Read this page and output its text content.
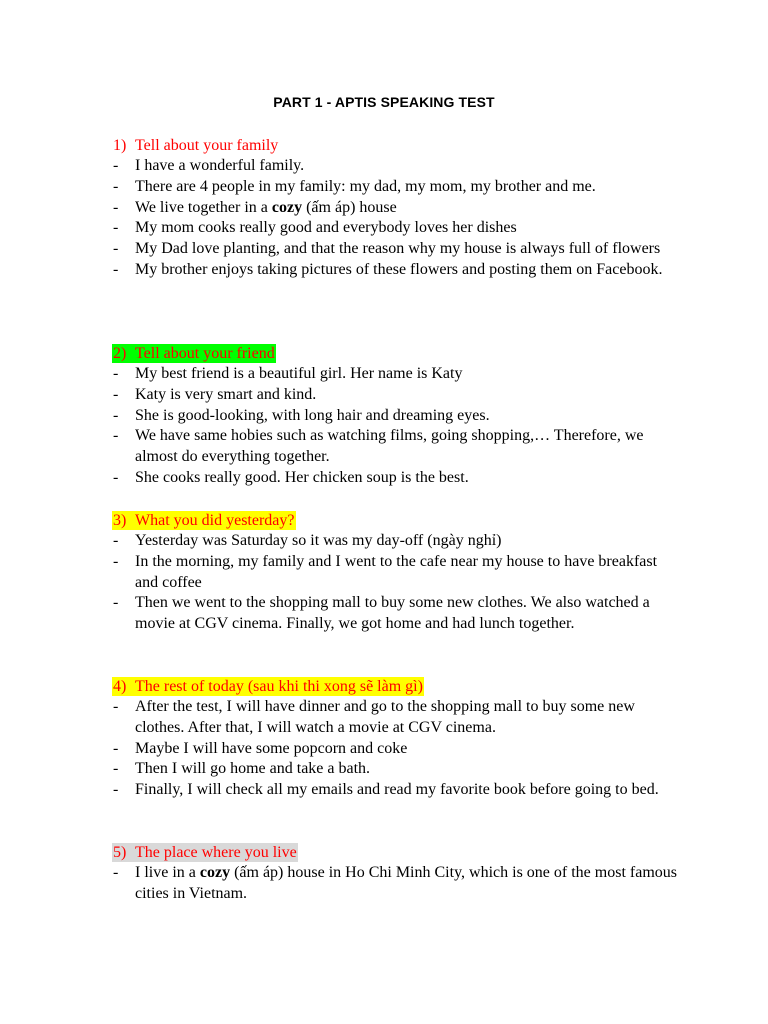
PART 1 - APTIS SPEAKING TEST
1) Tell about your family
- I have a wonderful family.
- There are 4 people in my family: my dad, my mom, my brother and me.
- We live together in a cozy (ấm áp) house
- My mom cooks really good and everybody loves her dishes
- My Dad love planting, and that the reason why my house is always full of flowers
- My brother enjoys taking pictures of these flowers and posting them on Facebook.
2) Tell about your friend
- My best friend is a beautiful girl. Her name is Katy
- Katy is very smart and kind.
- She is good-looking, with long hair and dreaming eyes.
- We have same hobies such as watching films, going shopping,… Therefore, we almost do everything together.
- She cooks really good. Her chicken soup is the best.
3) What you did yesterday?
- Yesterday was Saturday so it was my day-off (ngày nghỉ)
- In the morning, my family and I went to the cafe near my house to have breakfast and coffee
- Then we went to the shopping mall to buy some new clothes. We also watched a movie at CGV cinema. Finally, we got home and had lunch together.
4) The rest of today (sau khi thi xong sẽ làm gì)
- After the test, I will have dinner and go to the shopping mall to buy some new clothes. After that, I will watch a movie at CGV cinema.
- Maybe I will have some popcorn and coke
- Then I will go home and take a bath.
- Finally, I will check all my emails and read my favorite book before going to bed.
5) The place where you live
- I live in a cozy (ấm áp) house in Ho Chi Minh City, which is one of the most famous cities in Vietnam.
